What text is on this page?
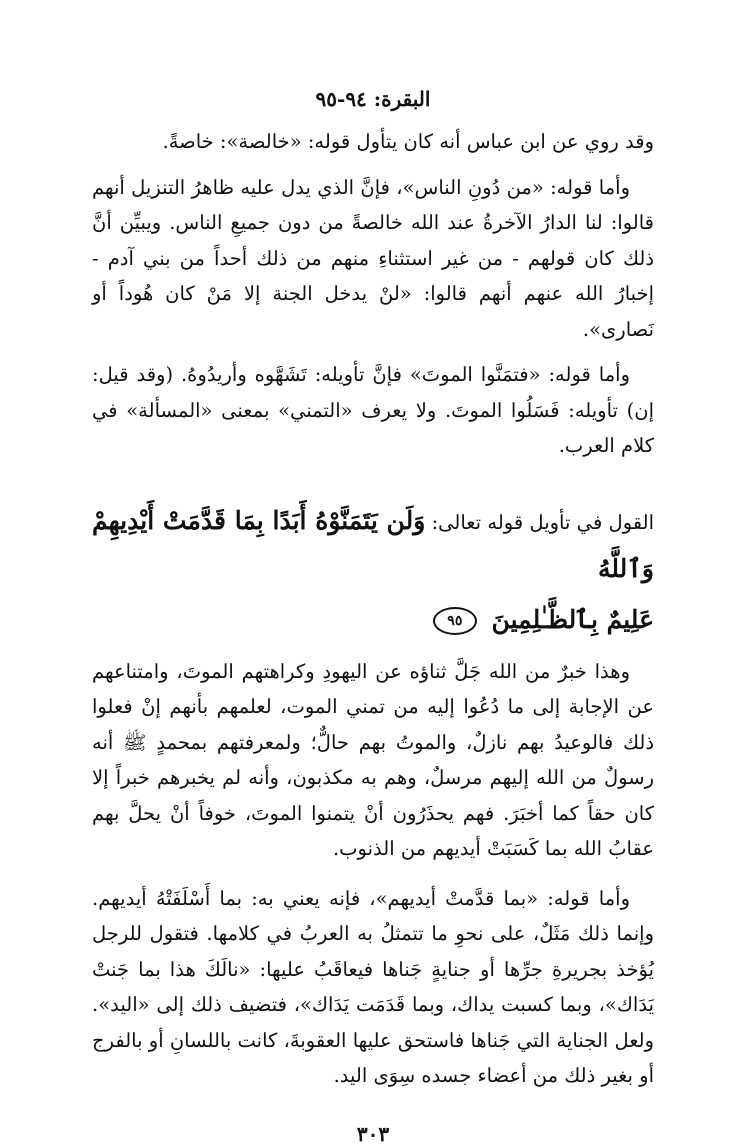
البقرة: ٩٤-٩٥

وقد روي عن ابن عباس أنه كان يتأول قوله: «خالصة»: خاصةً.

وأما قوله: «من دُونِ الناس»، فإنَّ الذي يدل عليه ظاهرُ التنزيل أنهم قالوا: لنا الدارُ الآخرةُ عند الله خالصةً من دون جميعِ الناس. ويبيِّن أنَّ ذلك كان قولهم - من غير استثناءِ منهم من ذلك أحداً من بني آدم - إخبارُ الله عنهم أنهم قالوا: «لنْ يدخل الجنة إلا مَنْ كان هُوداً أو نَصارى».

وأما قوله: «فتمَنَّوا الموتَ» فإنَّ تأويله: تَشَهَّوه وأريدُوهُ. (وقد قيل: إن) تأويله: فَسَلُوا الموتَ. ولا يعرف «التمني» بمعنى «المسألة» في كلام العرب.

القول في تأويل قوله تعالى: وَلَن يَتَمَنَّوْهُ أَبَدًا بِمَا قَدَّمَتْ أَيْدِيهِمْ وَٱللَّهُ
عَلِيمٌ بِٱلظَّـٰلِمِينَ ٩٥

وهذا خبرٌ من الله جَلَّ ثناؤه عن اليهودِ وكراهتهم الموتَ، وامتناعهم عن الإجابة إلى ما دُعُوا إليه من تمني الموت، لعلمهم بأنهم إنْ فعلوا ذلك فالوعيدُ بهم نازلٌ، والموتُ بهم حالٌّ؛ ولمعرفتهم بمحمدٍ ﷺ أنه رسولٌ من الله إليهم مرسلٌ، وهم به مكذبون، وأنه لم يخبرهم خبراً إلا كان حقاً كما أخبَرَ. فهم يحذَرُون أنْ يتمنوا الموتَ، خوفاً أنْ يحلَّ بهم عقابُ الله بما كَسَبَتْ أيديهم من الذنوب.

وأما قوله: «بما قدَّمتْ أيديهم»، فإنه يعني به: بما أَسْلَفَتْهُ أيديهم. وإنما ذلك مَثَلٌ، على نحوِ ما تتمثلُ به العربُ في كلامها. فتقول للرجل يُؤخذ بجريرةِ جرِّها أو جنايةٍ جَناها فيعاقَبُ عليها: «نالَكَ هذا بما جَنتْ يَدَاك»، وبما كسبت يداك، وبما قَدَمَت يَدَاك»، فتضيف ذلك إلى «اليد». ولعل الجناية التي جَناها فاستحق عليها العقوبةَ، كانت باللسانِ أو بالفرج أو بغير ذلك من أعضاء جسده سِوَى اليد.

٣٠٣
